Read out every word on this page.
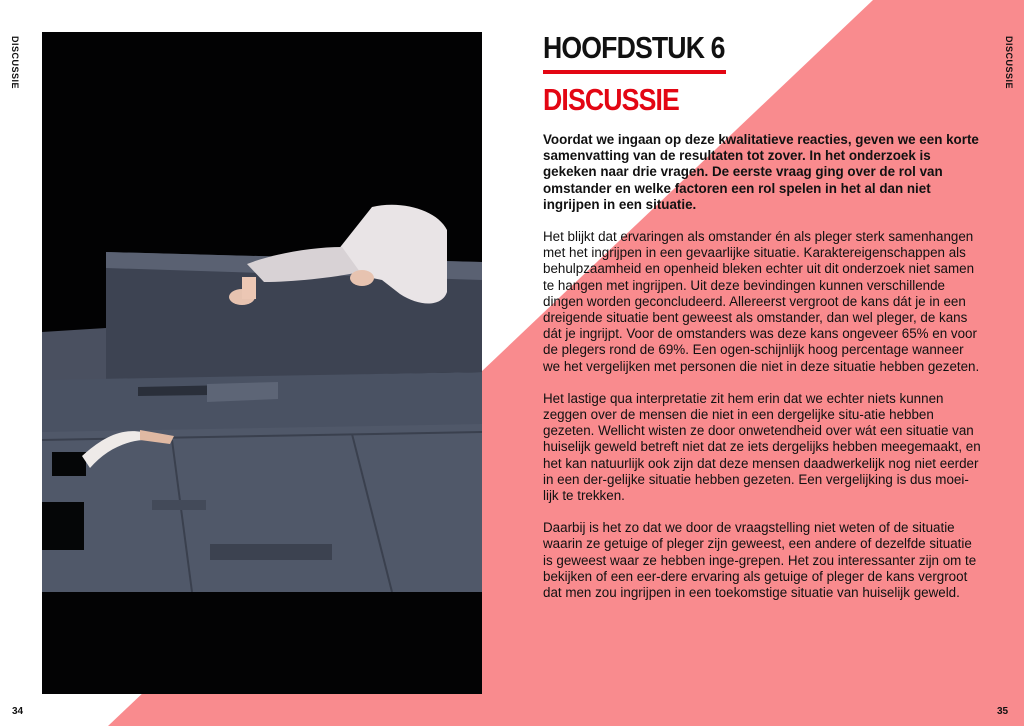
DISCUSSIE	DISCUSSIE
HOOFDSTUK 6
DISCUSSIE

Voordat we ingaan op deze kwalitatieve reacties, geven we een korte samenvatting van de resultaten tot zover. In het onderzoek is gekeken naar drie vragen. De eerste vraag ging over de rol van omstander en welke factoren een rol spelen in het al dan niet ingrijpen in een situatie.

Het blijkt dat ervaringen als omstander én als pleger sterk samenhangen met het ingrijpen in een gevaarlijke situatie. Karaktereigenschappen als behulpzaamheid en openheid bleken echter uit dit onderzoek niet samen te hangen met ingrijpen. Uit deze bevindingen kunnen verschillende dingen worden geconcludeerd. Allereerst vergroot de kans dát je in een dreigende situatie bent geweest als omstander, dan wel pleger, de kans dát je ingrijpt. Voor de omstanders was deze kans ongeveer 65% en voor de plegers rond de 69%. Een ogen-schijnlijk hoog percentage wanneer we het vergelijken met personen die niet in deze situatie hebben gezeten.

Het lastige qua interpretatie zit hem erin dat we echter niets kunnen zeggen over de mensen die niet in een dergelijke situ-atie hebben gezeten. Wellicht wisten ze door onwetendheid over wát een situatie van huiselijk geweld betreft niet dat ze iets dergelijks hebben meegemaakt, en het kan natuurlijk ook zijn dat deze mensen daadwerkelijk nog niet eerder in een der-gelijke situatie hebben gezeten. Een vergelijking is dus moei-lijk te trekken.

Daarbij is het zo dat we door de vraagstelling niet weten of de situatie waarin ze getuige of pleger zijn geweest, een andere of dezelfde situatie is geweest waar ze hebben inge-grepen. Het zou interessanter zijn om te bekijken of een eer-dere ervaring als getuige of pleger de kans vergroot dat men zou ingrijpen in een toekomstige situatie van huiselijk geweld.

34	35
